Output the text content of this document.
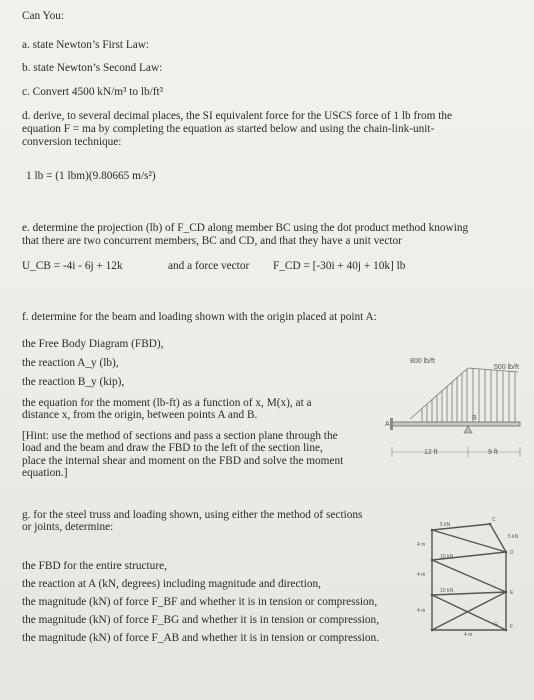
Can You:
a. state Newton’s First Law:
b. state Newton’s Second Law:
c. Convert 4500 kN/m³ to lb/ft³
d. derive, to several decimal places, the SI equivalent force for the USCS force of 1 lb from the
equation F = ma by completing the equation as started below and using the chain-link-unit-
conversion technique:
1 lb = (1 lbm)(9.80665 m/s²)
e. determine the projection (lb) of F_CD along member BC using the dot product method knowing
that there are two concurrent members, BC and CD, and that they have a unit vector
U_CB = -4i - 6j + 12k	and a force vector F_CD = [-30i + 40j + 10k] lb
f. determine for the beam and loading shown with the origin placed at point A:
the Free Body Diagram (FBD),
the reaction A_y (lb),
the reaction B_y (kip),
the equation for the moment (lb-ft) as a function of x, M(x), at a
distance x, from the origin, between points A and B.
[Hint: use the method of sections and pass a section plane through the
load and the beam and draw the FBD to the left of the section line,
place the internal shear and moment on the FBD and solve the moment
equation.]
800 lb/ft
500 lb/ft
A
B
12 ft	9 ft
g. for the steel truss and loading shown, using either the method of sections
or joints, determine:
the FBD for the entire structure,
the reaction at A (kN, degrees) including magnitude and direction,
the magnitude (kN) of force F_BF and whether it is in tension or compression,
the magnitude (kN) of force F_BG and whether it is in tension or compression,
the magnitude (kN) of force F_AB and whether it is in tension or compression.
5 kN
5 kN
10 kN
10 kN
4 m
4 m
4 m
4 m
C
D
E
F
G
